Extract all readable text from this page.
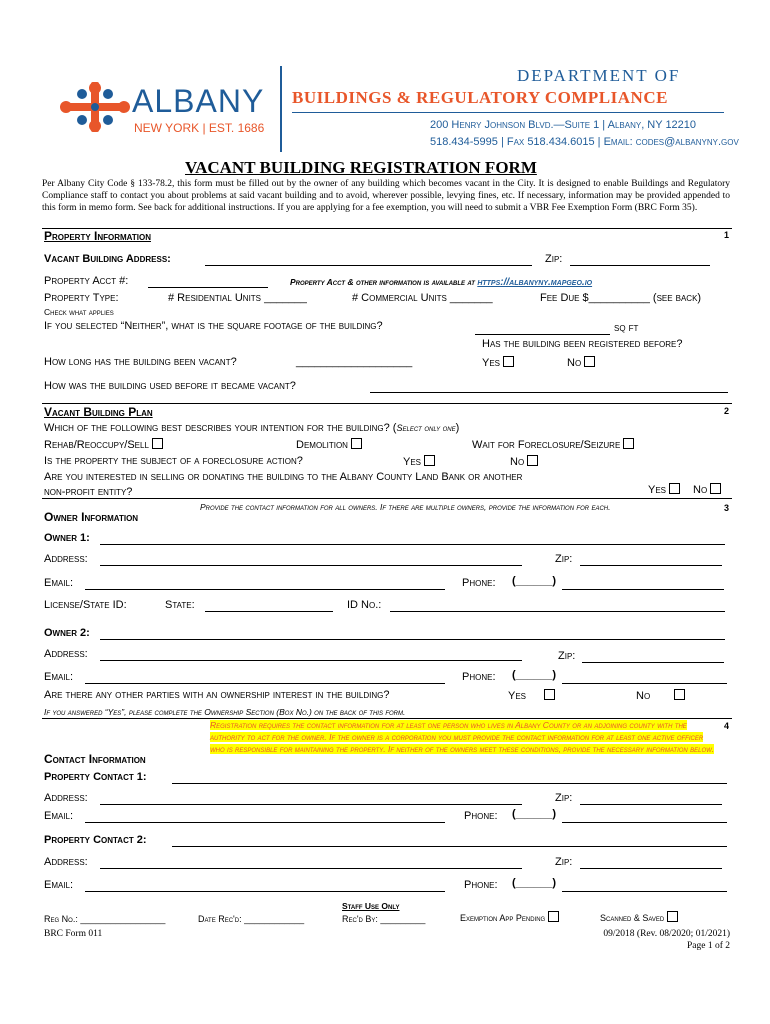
ALBANY
NEW YORK | EST. 1686
DEPARTMENT OF
BUILDINGS & REGULATORY COMPLIANCE
200 Henry Johnson Blvd.—Suite 1 | Albany, NY 12210
518.434-5995 | Fax 518.434.6015 | Email: codes@albanyny.gov
VACANT BUILDING REGISTRATION FORM
Per Albany City Code § 133-78.2, this form must be filled out by the owner of any building which becomes vacant in the City. It is designed to enable Buildings and Regulatory Compliance staff to contact you about problems at said vacant building and to avoid, wherever possible, levying fines, etc. If necessary, information may be provided appended to this form in memo form. See back for additional instructions. If you are applying for a fee exemption, you will need to submit a VBR Fee Exemption Form (BRC Form 35).
Property Information	1
Vacant Building Address:	Zip:
Property Acct #:	Property Acct & other information is available at https://albanyny.mapgeo.io
Property Type:	# Residential Units _______	# Commercial Units _______	Fee Due $__________ (see back)
Check what applies
If you selected “Neither”, what is the square footage of the building?	sq ft
Has the building been registered before?
How long has the building been vacant?	___________________	Yes	No
How was the building used before it became vacant?
Vacant Building Plan	2
Which of the following best describes your intention for the building? (Select only one)
Rehab/Reoccupy/Sell	Demolition	Wait for Foreclosure/Seizure
Is the property the subject of a foreclosure action?	Yes	No
Are you interested in selling or donating the building to the Albany County Land Bank or another
non-profit entity?	Yes	No
Owner Information
Provide the contact information for all owners. If there are multiple owners, provide the information for each.	3
Owner 1:
Address:	Zip:
Email:	Phone: (______)
License/State ID:	State:	ID No.:
Owner 2:
Address:	Zip:
Email:	Phone: (______)
Are there any other parties with an ownership interest in the building?	Yes	No
If you answered “Yes”, please complete the Ownership Section (Box No.) on the back of this form.
Registration requires the contact information for at least one person who lives in Albany County or an adjoining county with the authority to act for the owner. If the owner is a corporation you must provide the contact information for at least one active officer who is responsible for maintaining the property. If neither of the owners meet these conditions, provide the necessary information below.
4
Contact Information
Property Contact 1:
Address:	Zip:
Email:	Phone: (______)
Property Contact 2:
Address:	Zip:
Email:	Phone: (______)
Staff Use Only
Reg No.: _________________	Date Rec'd: ____________	Rec'd By: _________	Exemption App Pending	Scanned & Saved
BRC Form 011	09/2018 (Rev. 08/2020; 01/2021)
Page 1 of 2
